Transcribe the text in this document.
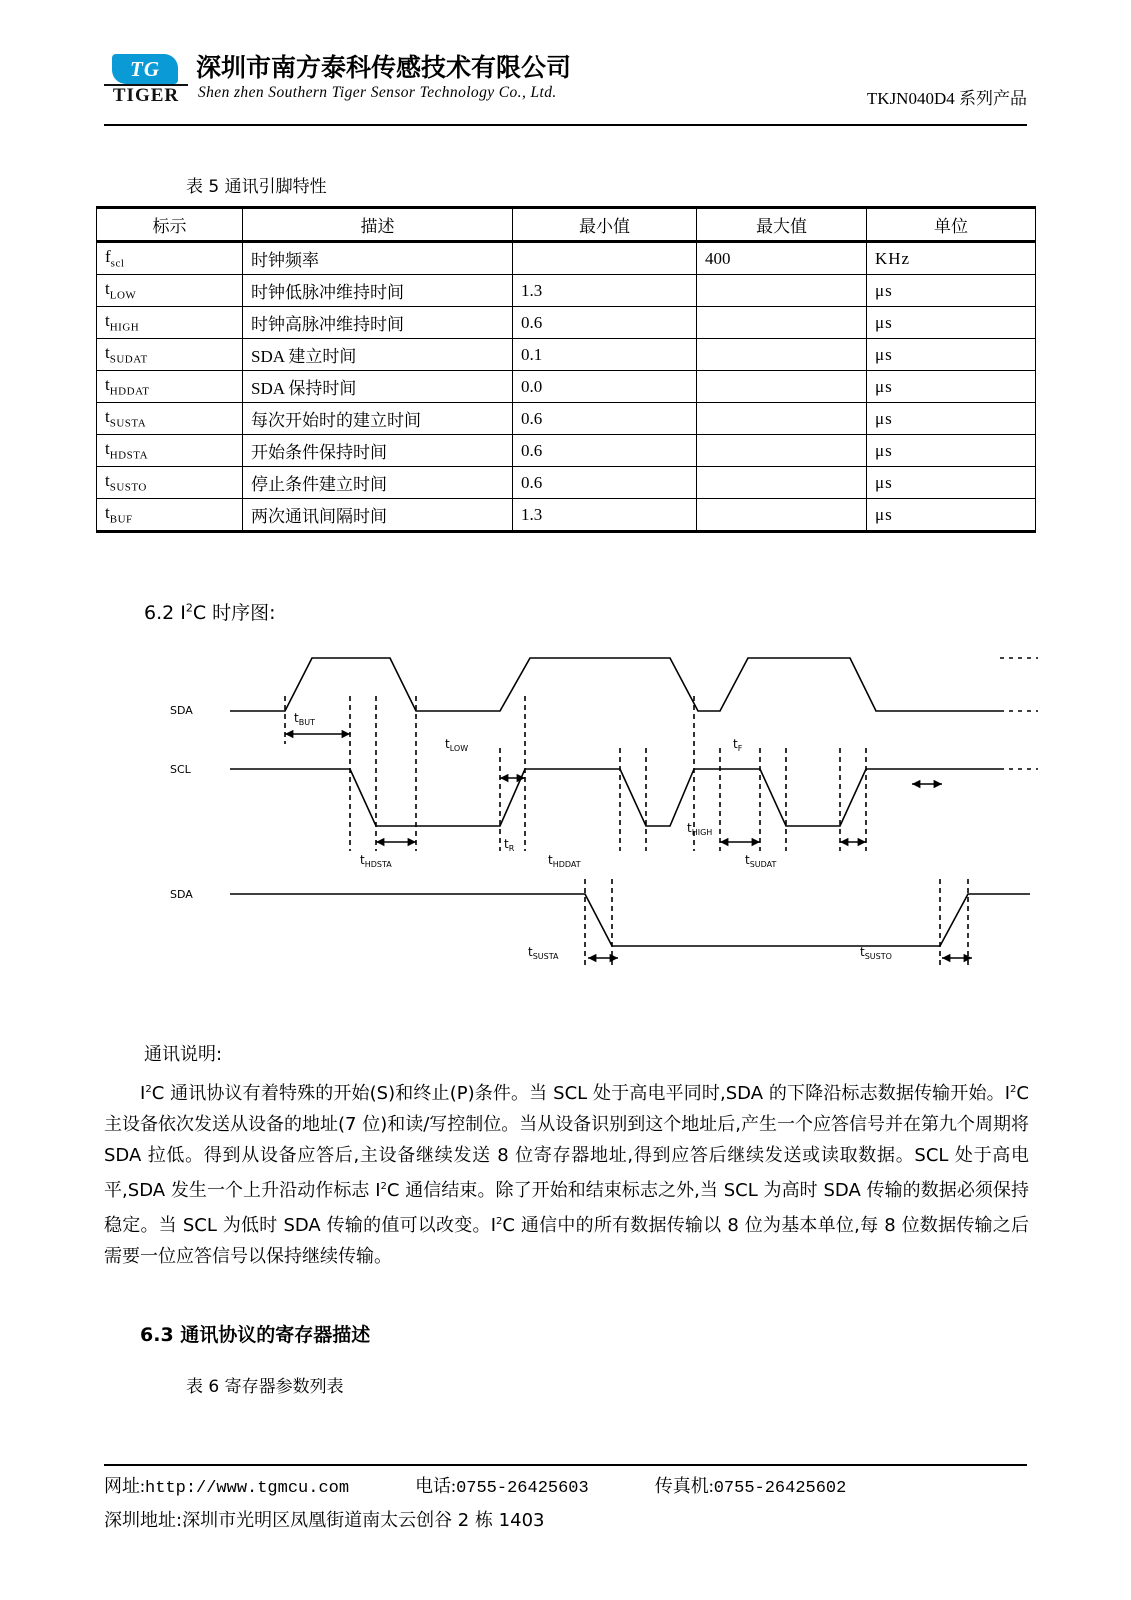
TG
TIGER
深圳市南方泰科传感技术有限公司
Shen zhen Southern Tiger Sensor Technology Co., Ltd.	TKJN040D4 系列产品
表 5 通讯引脚特性
标示	描述	最小值	最大值	单位
$f_{scl}$	时钟频率		400	KHz
$t_{LOW}$	时钟低脉冲维持时间	1.3		μs
$t_{HIGH}$	时钟高脉冲维持时间	0.6		μs
$t_{SUDAT}$	SDA 建立时间	0.1		μs
$t_{HDDAT}$	SDA 保持时间	0.0		μs
$t_{SUSTA}$	每次开始时的建立时间	0.6		μs
$t_{HDSTA}$	开始条件保持时间	0.6		μs
$t_{SUSTO}$	停止条件建立时间	0.6		μs
$t_{BUF}$	两次通讯间隔时间	1.3		μs
6.2 $I^2C$ 时序图:
SDA
SCL
SDA
$t_{BUT}$
$t_{LOW}$	$t_F$
$t_{HDSTA}$
$t_R$
$t_{HDDAT}$
$t_{HIGH}$
$t_{SUDAT}$
$t_{SUSTA}$	$t_{SUSTO}$
通讯说明:
$I^2C$ 通讯协议有着特殊的开始(S)和终止(P)条件。当 SCL 处于高电平同时,SDA 的下降沿标志数据传输开始。$I^2C$ 主设备依次发送从设备的地址(7 位)和读/写控制位。当从设备识别到这个地址后,产生一个应答信号并在第九个周期将 SDA 拉低。得到从设备应答后,主设备继续发送 8 位寄存器地址,得到应答后继续发送或读取数据。SCL 处于高电平,SDA 发生一个上升沿动作标志 $I^2C$ 通信结束。除了开始和结束标志之外,当 SCL 为高时 SDA 传输的数据必须保持稳定。当 SCL 为低时 SDA 传输的值可以改变。$I^2C$ 通信中的所有数据传输以 8 位为基本单位,每 8 位数据传输之后需要一位应答信号以保持继续传输。
6.3 通讯协议的寄存器描述
表 6 寄存器参数列表
网址:http://www.tgmcu.com	电话:0755-26425603	传真机:0755-26425602
深圳地址:深圳市光明区凤凰街道南太云创谷 2 栋 1403
